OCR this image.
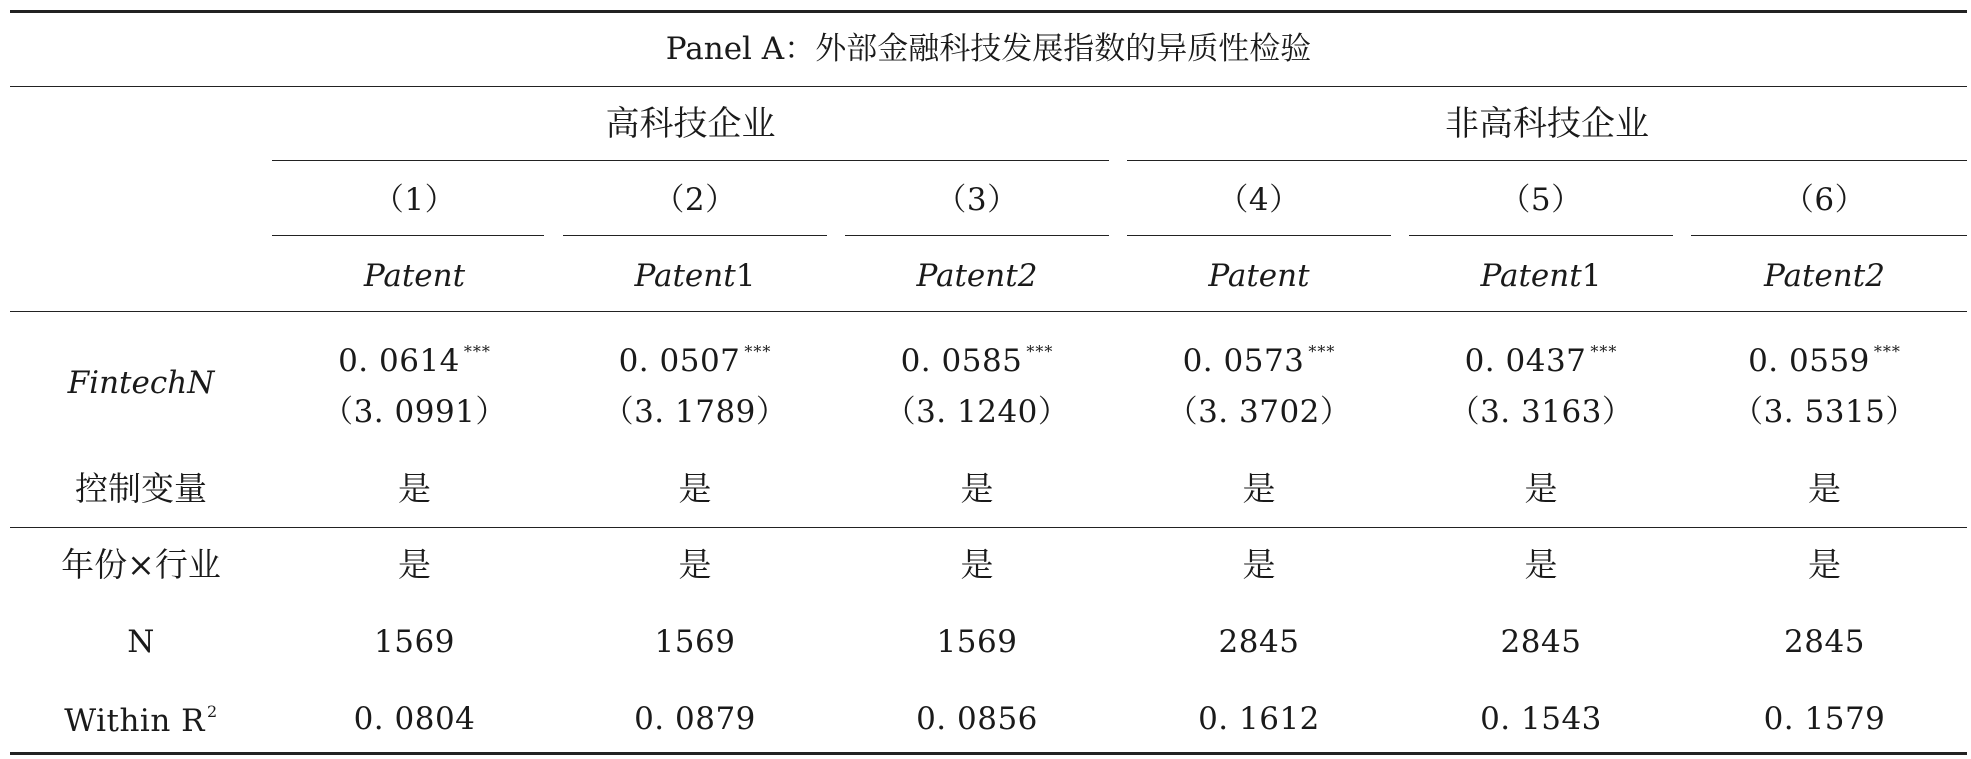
Panel A：外部金融科技发展指数的异质性检验
高科技企业	非高科技企业
（1）	（2）	（3）	（4）	（5）	（6）
Patent	Patent1	Patent2	Patent	Patent1	Patent2
FintechN
0. 0614 ***	0. 0507 ***	0. 0585 ***	0. 0573 ***	0. 0437 ***	0. 0559 ***
（3. 0991）	（3. 1789）	（3. 1240）	（3. 3702）	（3. 3163）	（3. 5315）
控制变量	是	是	是	是	是	是
年份×行业	是	是	是	是	是	是
N	1569	1569	1569	2845	2845	2845
Within R $^2$	0. 0804	0. 0879	0. 0856	0. 1612	0. 1543	0. 1579
